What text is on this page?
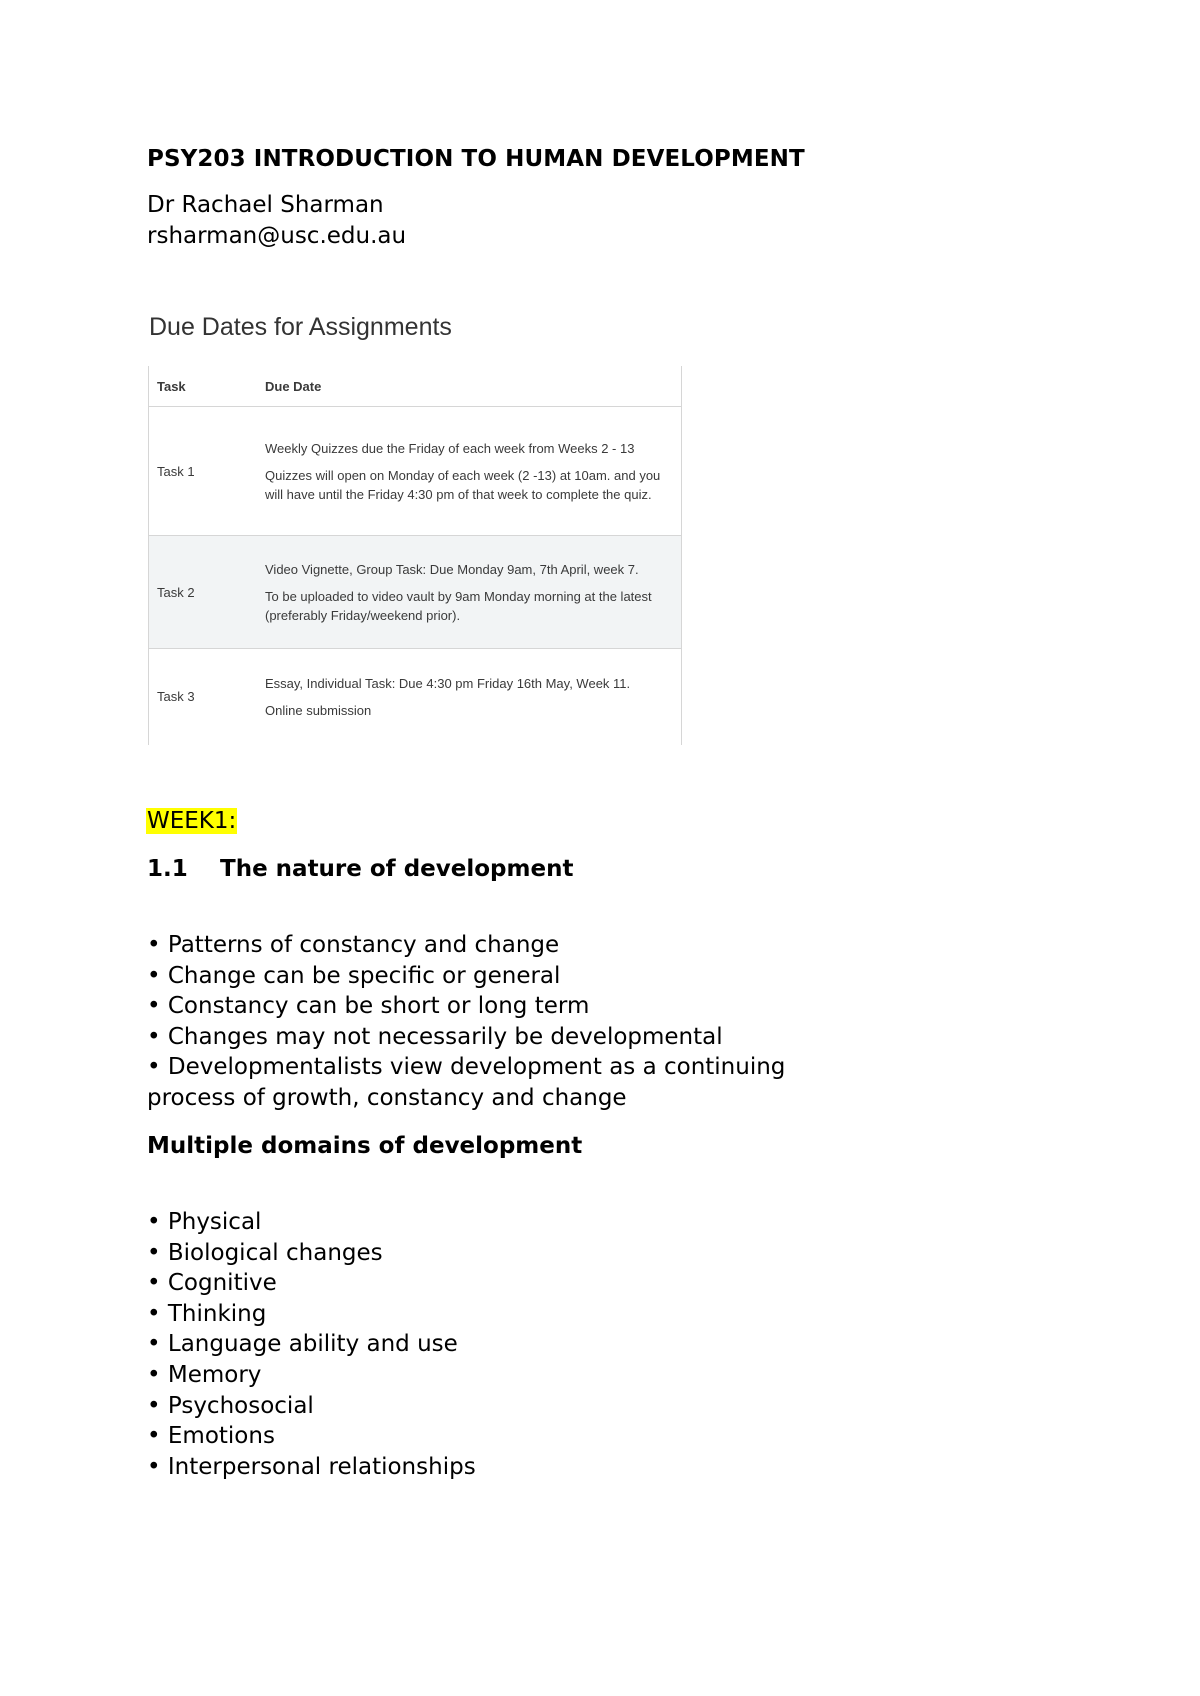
PSY203 INTRODUCTION TO HUMAN DEVELOPMENT
Dr Rachael Sharman
rsharman@usc.edu.au
Due Dates for Assignments
Task	Due Date
Task 1	Weekly Quizzes due the Friday of each week from Weeks 2 - 13

Quizzes will open on Monday of each week (2 -13) at 10am. and you will have until the Friday 4:30 pm of that week to complete the quiz.

Task 2	Video Vignette, Group Task: Due Monday 9am, 7th April, week 7.

To be uploaded to video vault by 9am Monday morning at the latest (preferably Friday/weekend prior).

Task 3	Essay, Individual Task: Due 4:30 pm Friday 16th May, Week 11.

Online submission

WEEK1:
1.1 The nature of development
• Patterns of constancy and change
• Change can be specific or general
• Constancy can be short or long term
• Changes may not necessarily be developmental
• Developmentalists view development as a continuing process of growth, constancy and change
Multiple domains of development
• Physical
• Biological changes
• Cognitive
• Thinking
• Language ability and use
• Memory
• Psychosocial
• Emotions
• Interpersonal relationships
